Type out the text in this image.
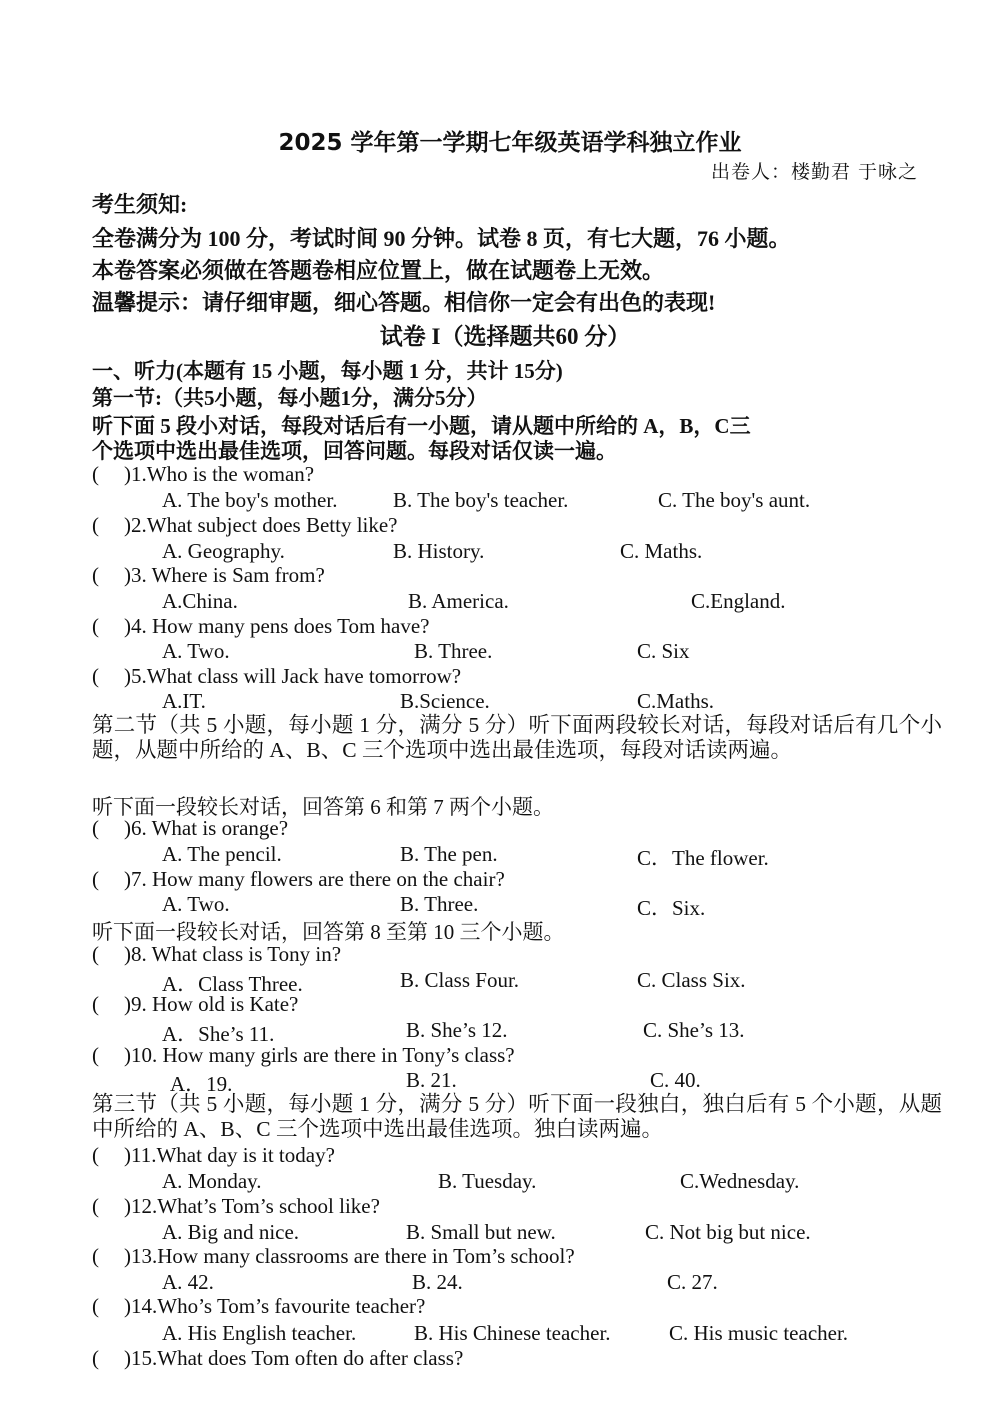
2025 学年第一学期七年级英语学科独立作业
出卷人：楼勤君 于咏之
考生须知:
全卷满分为 100 分，考试时间 90 分钟。试卷 8 页，有七大题，76 小题。
本卷答案必须做在答题卷相应位置上，做在试题卷上无效。
温馨提示：请仔细审题，细心答题。相信你一定会有出色的表现!
试卷 I（选择题共60 分）
一、听力(本题有 15 小题，每小题 1 分，共计 15分)
第一节:（共5小题，每小题1分，满分5分）
听下面 5 段小对话，每段对话后有一小题，请从题中所给的 A，B，C三
个选项中选出最佳选项，回答问题。每段对话仅读一遍。
( )1.Who is the woman?
A. The boy's mother.	B. The boy's teacher.	C. The boy's aunt.
( )2.What subject does Betty like?
A. Geography.	B. History.	C. Maths.
( )3. Where is Sam from?
A.China.	B. America.	C.England.
( )4. How many pens does Tom have?
A. Two.	B. Three.	C. Six
( )5.What class will Jack have tomorrow?
A.IT.	B.Science.	C.Maths.
第二节（共 5 小题，每小题 1 分，满分 5 分）听下面两段较长对话，每段对话后有几个小题，从题中所给的 A、B、C 三个选项中选出最佳选项，每段对话读两遍。
听下面一段较长对话，回答第 6 和第 7 两个小题。
( )6. What is orange?
A. The pencil.	B. The pen.	C．The flower.
( )7. How many flowers are there on the chair?
A. Two.	B. Three.	C．Six.
听下面一段较长对话，回答第 8 至第 10 三个小题。
( )8. What class is Tony in?
A．Class Three.	B. Class Four.	C. Class Six.
( )9. How old is Kate?
A．She’s 11.	B. She’s 12.	C. She’s 13.
( )10. How many girls are there in Tony’s class?
A．19.	B. 21.	C. 40.
第三节（共 5 小题，每小题 1 分，满分 5 分）听下面一段独白，独白后有 5 个小题，从题中所给的 A、B、C 三个选项中选出最佳选项。独白读两遍。
( )11.What day is it today?
A. Monday.	B. Tuesday.	C.Wednesday.
( )12.What’s Tom’s school like?
A. Big and nice.	B. Small but new.	C. Not big but nice.
( )13.How many classrooms are there in Tom’s school?
A. 42.	B. 24.	C. 27.
( )14.Who’s Tom’s favourite teacher?
A. His English teacher.	B. His Chinese teacher.	C. His music teacher.
( )15.What does Tom often do after class?
